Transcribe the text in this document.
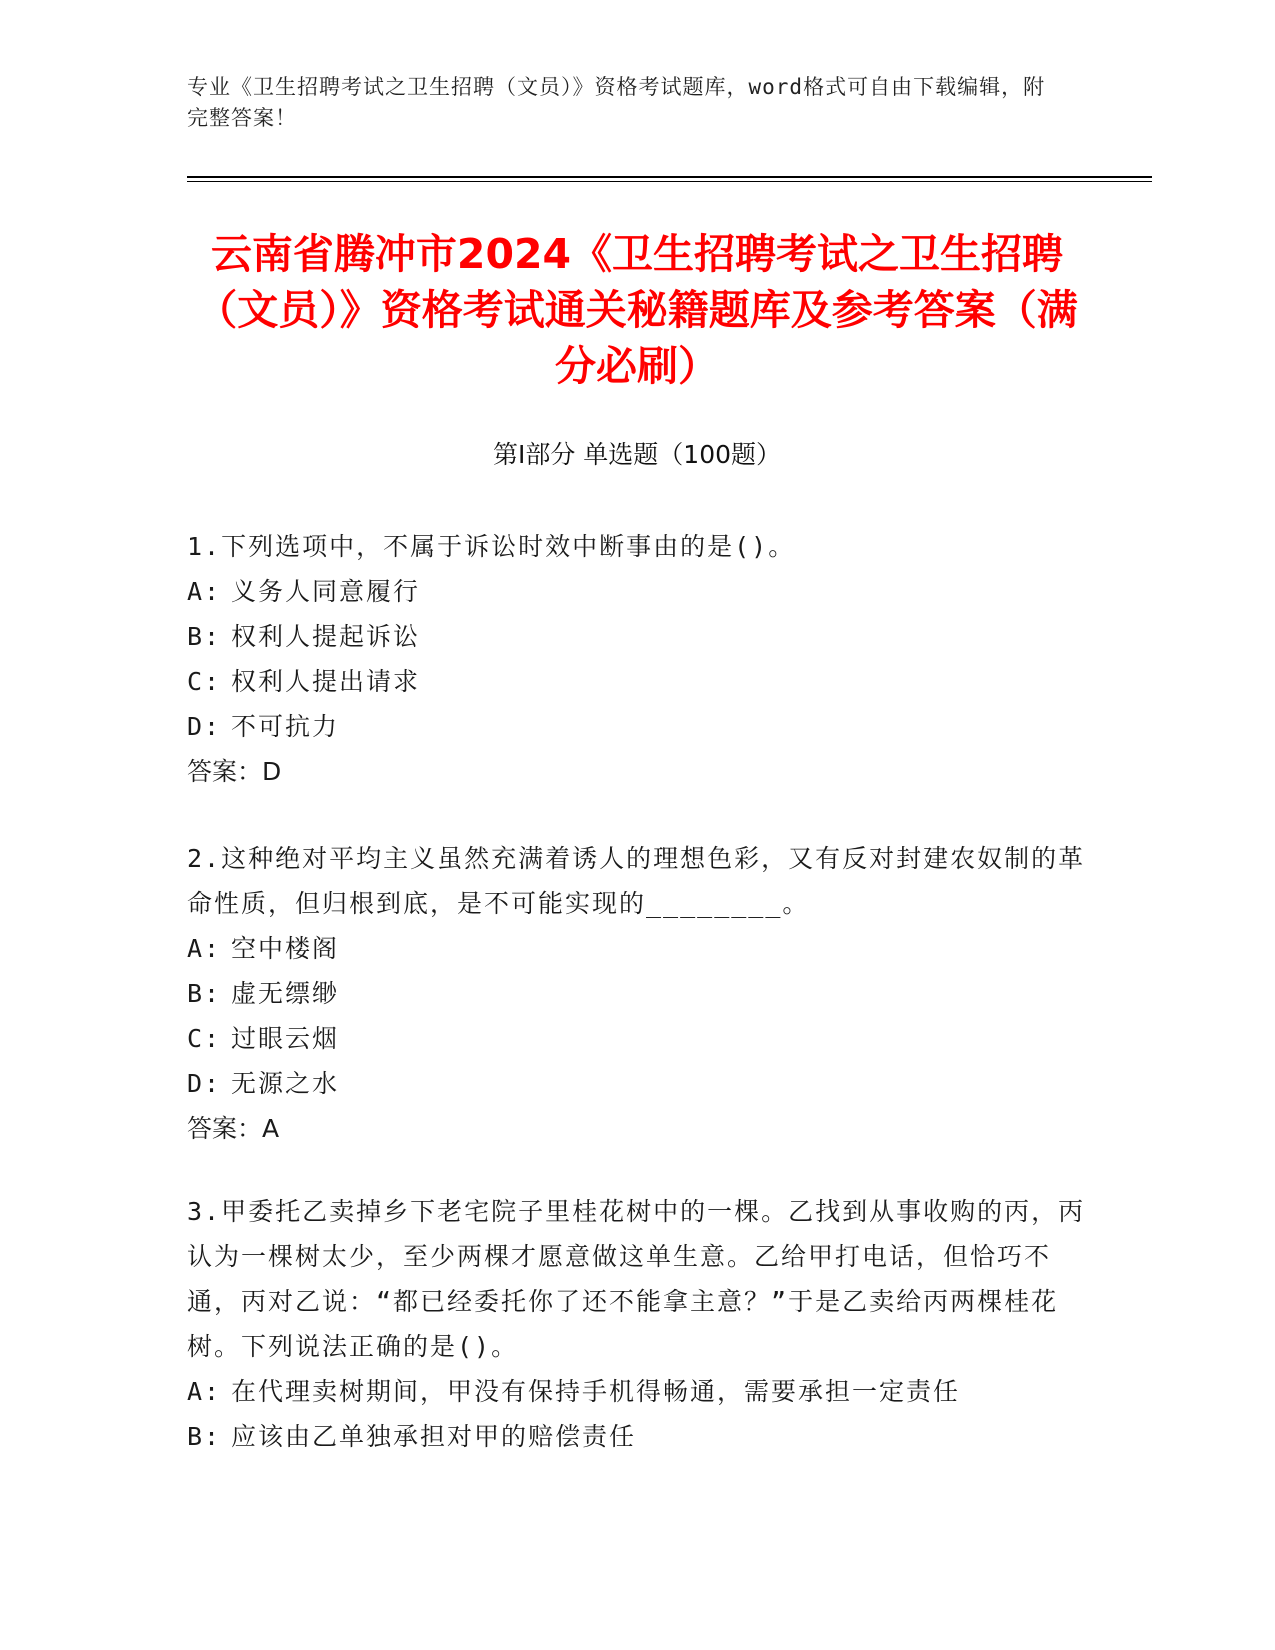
专业《卫生招聘考试之卫生招聘（文员）》资格考试题库，word格式可自由下载编辑，附完整答案！
云南省腾冲市2024《卫生招聘考试之卫生招聘（文员）》资格考试通关秘籍题库及参考答案（满分必刷）
第Ⅰ部分 单选题（100题）
1.下列选项中，不属于诉讼时效中断事由的是()。
A: 义务人同意履行
B: 权利人提起诉讼
C: 权利人提出请求
D: 不可抗力
答案：D
2.这种绝对平均主义虽然充满着诱人的理想色彩，又有反对封建农奴制的革命性质，但归根到底，是不可能实现的________。
A: 空中楼阁
B: 虚无缥缈
C: 过眼云烟
D: 无源之水
答案：A
3.甲委托乙卖掉乡下老宅院子里桂花树中的一棵。乙找到从事收购的丙，丙认为一棵树太少，至少两棵才愿意做这单生意。乙给甲打电话，但恰巧不通，丙对乙说：“都已经委托你了还不能拿主意？”于是乙卖给丙两棵桂花树。下列说法正确的是()。
A: 在代理卖树期间，甲没有保持手机得畅通，需要承担一定责任
B: 应该由乙单独承担对甲的赔偿责任
